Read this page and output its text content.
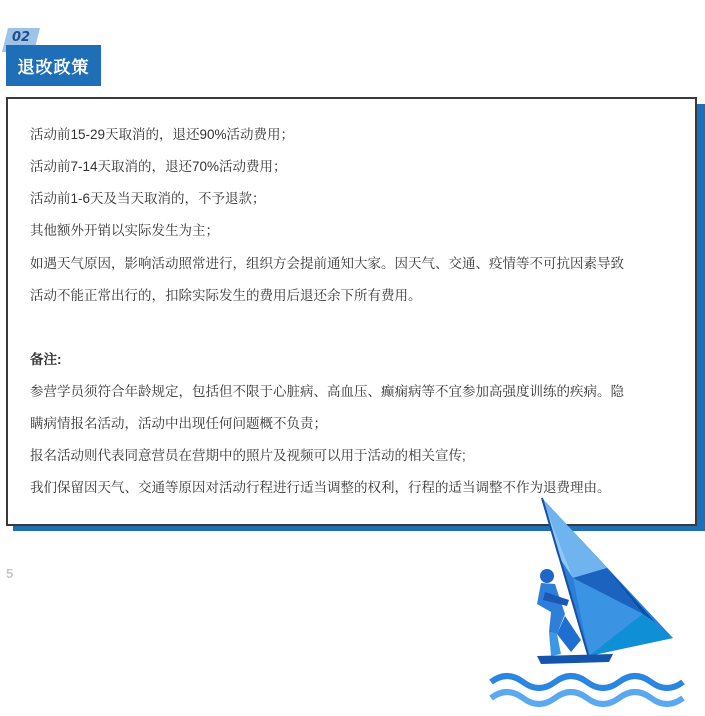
02
退改政策
活动前15-29天取消的，退还90%活动费用；
活动前7-14天取消的，退还70%活动费用；
活动前1-6天及当天取消的，不予退款；
其他额外开销以实际发生为主；
如遇天气原因，影响活动照常进行，组织方会提前通知大家。因天气、交通、疫情等不可抗因素导致
活动不能正常出行的，扣除实际发生的费用后退还余下所有费用。
备注:
参营学员须符合年龄规定，包括但不限于心脏病、高血压、癫痫病等不宜参加高强度训练的疾病。隐
瞒病情报名活动，活动中出现任何问题概不负责；
报名活动则代表同意营员在营期中的照片及视频可以用于活动的相关宣传;
我们保留因天气、交通等原因对活动行程进行适当调整的权利，行程的适当调整不作为退费理由。
5
